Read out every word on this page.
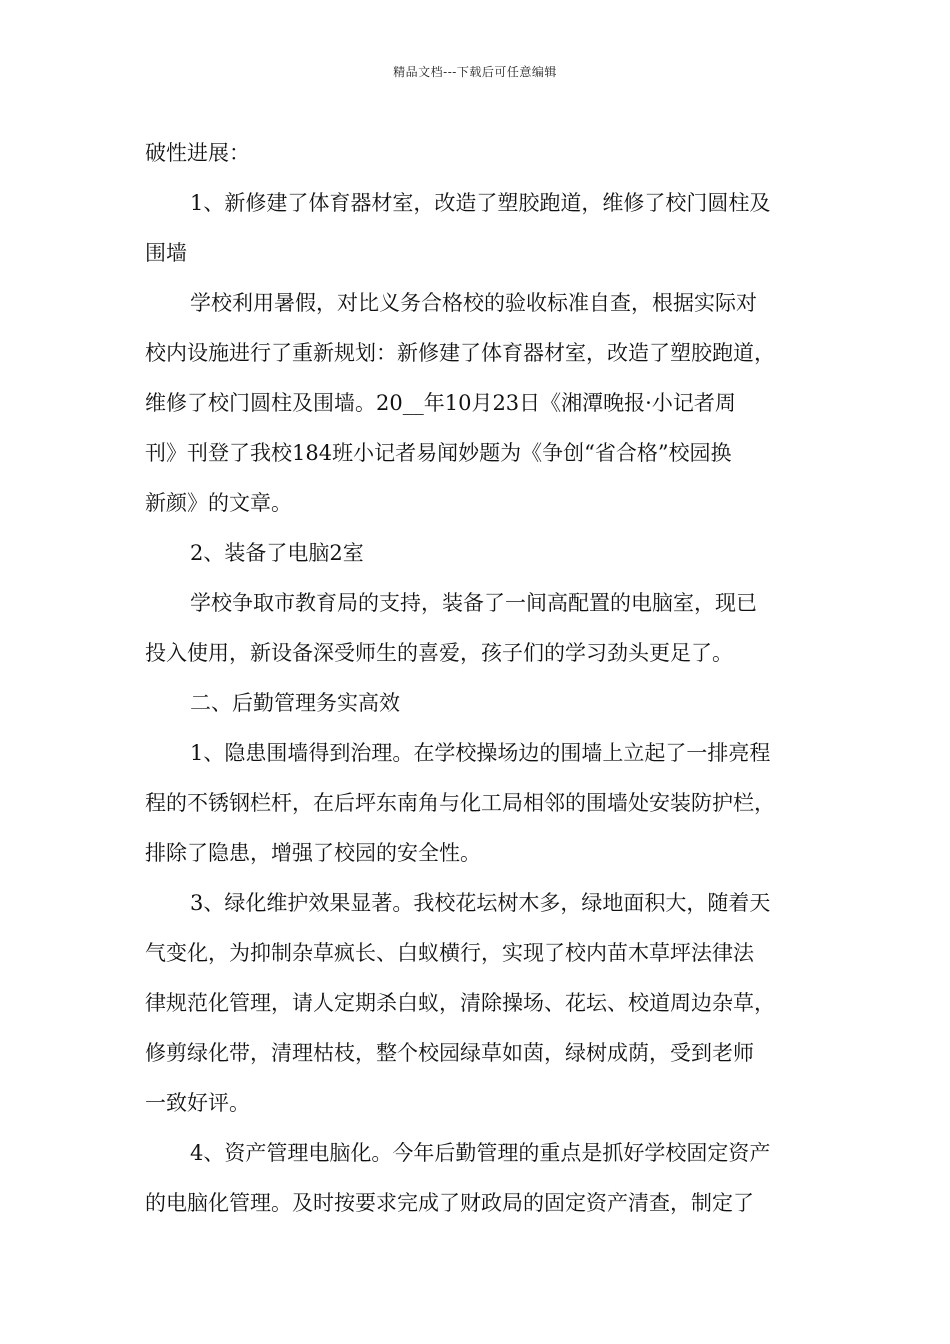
精品文档---下载后可任意编辑
破性进展：
1、新修建了体育器材室，改造了塑胶跑道，维修了校门圆柱及
围墙
学校利用暑假，对比义务合格校的验收标准自查，根据实际对
校内设施进行了重新规划：新修建了体育器材室，改造了塑胶跑道，
维修了校门圆柱及围墙。20__年10月23日《湘潭晚报·小记者周
刊》刊登了我校184班小记者易闻妙题为《争创“省合格”校园换
新颜》的文章。
2、装备了电脑2室
学校争取市教育局的支持，装备了一间高配置的电脑室，现已
投入使用，新设备深受师生的喜爱，孩子们的学习劲头更足了。
二、后勤管理务实高效
1、隐患围墙得到治理。在学校操场边的围墙上立起了一排亮程
程的不锈钢栏杆，在后坪东南角与化工局相邻的围墙处安装防护栏，
排除了隐患，增强了校园的安全性。
3、绿化维护效果显著。我校花坛树木多，绿地面积大，随着天
气变化，为抑制杂草疯长、白蚁横行，实现了校内苗木草坪法律法
律规范化管理，请人定期杀白蚁，清除操场、花坛、校道周边杂草，
修剪绿化带，清理枯枝，整个校园绿草如茵，绿树成荫，受到老师
一致好评。
4、资产管理电脑化。今年后勤管理的重点是抓好学校固定资产
的电脑化管理。及时按要求完成了财政局的固定资产清查，制定了
